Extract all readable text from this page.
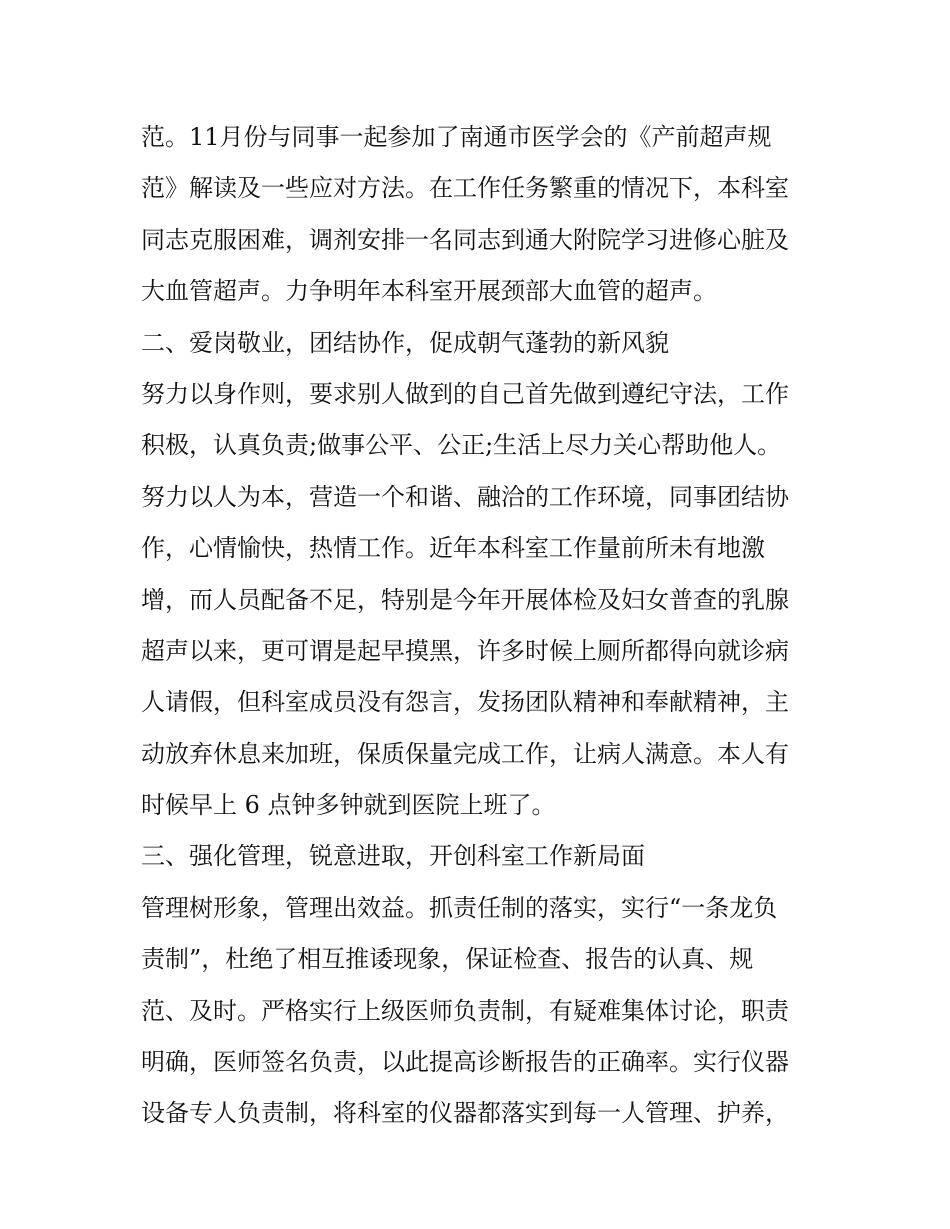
范。11月份与同事一起参加了南通市医学会的《产前超声规
范》解读及一些应对方法。在工作任务繁重的情况下，本科室
同志克服困难，调剂安排一名同志到通大附院学习进修心脏及
大血管超声。力争明年本科室开展颈部大血管的超声。
二、爱岗敬业，团结协作，促成朝气蓬勃的新风貌
努力以身作则，要求别人做到的自己首先做到遵纪守法，工作
积极，认真负责;做事公平、公正;生活上尽力关心帮助他人。
努力以人为本，营造一个和谐、融洽的工作环境，同事团结协
作，心情愉快，热情工作。近年本科室工作量前所未有地激
增，而人员配备不足，特别是今年开展体检及妇女普查的乳腺
超声以来，更可谓是起早摸黑，许多时候上厕所都得向就诊病
人请假，但科室成员没有怨言，发扬团队精神和奉献精神，主
动放弃休息来加班，保质保量完成工作，让病人满意。本人有
时候早上 6 点钟多钟就到医院上班了。
三、强化管理，锐意进取，开创科室工作新局面
管理树形象，管理出效益。抓责任制的落实，实行“一条龙负
责制”，杜绝了相互推诿现象，保证检查、报告的认真、规
范、及时。严格实行上级医师负责制，有疑难集体讨论，职责
明确，医师签名负责，以此提高诊断报告的正确率。实行仪器
设备专人负责制，将科室的仪器都落实到每一人管理、护养，
